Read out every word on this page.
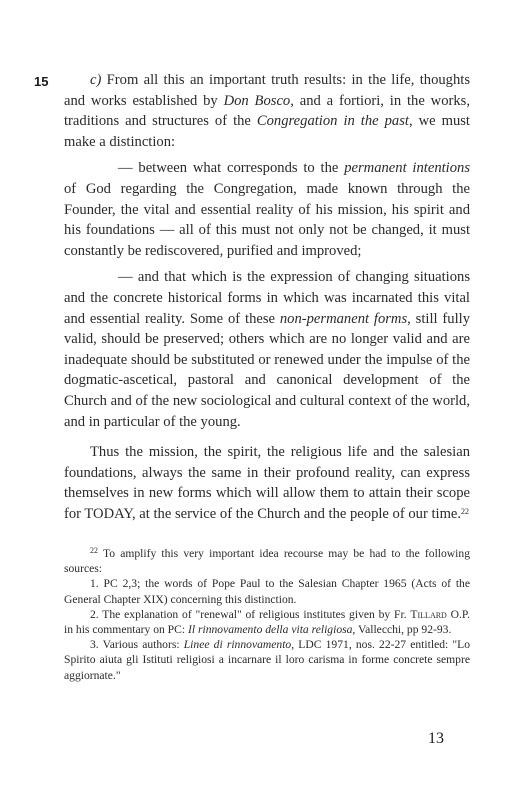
15	c) From all this an important truth results: in the life, thoughts and works established by Don Bosco, and a fortiori, in the works, traditions and structures of the Congregation in the past, we must make a distinction:

— between what corresponds to the permanent intentions of God regarding the Congregation, made known through the Founder, the vital and essential reality of his mission, his spirit and his foundations — all of this must not only not be changed, it must constantly be rediscovered, purified and improved;

— and that which is the expression of changing situations and the concrete historical forms in which was incarnated this vital and essential reality. Some of these non-permanent forms, still fully valid, should be preserved; others which are no longer valid and are inadequate should be substituted or renewed under the impulse of the dogmatic-ascetical, pastoral and canonical development of the Church and of the new sociological and cultural context of the world, and in particular of the young.

Thus the mission, the spirit, the religious life and the salesian foundations, always the same in their profound reality, can express themselves in new forms which will allow them to attain their scope for TODAY, at the service of the Church and the people of our time.$^{22}$

$^{22}$ To amplify this very important idea recourse may be had to the following sources:

1. PC 2,3; the words of Pope Paul to the Salesian Chapter 1965 (Acts of the General Chapter XIX) concerning this distinction.

2. The explanation of "renewal" of religious institutes given by Fr. Tillard O.P. in his commentary on PC: Il rinnovamento della vita religiosa, Vallecchi, pp 92-93.

3. Various authors: Linee di rinnovamento, LDC 1971, nos. 22-27 entitled: "Lo Spirito aiuta gli Istituti religiosi a incarnare il loro carisma in forme concrete sempre aggiornate."

13
